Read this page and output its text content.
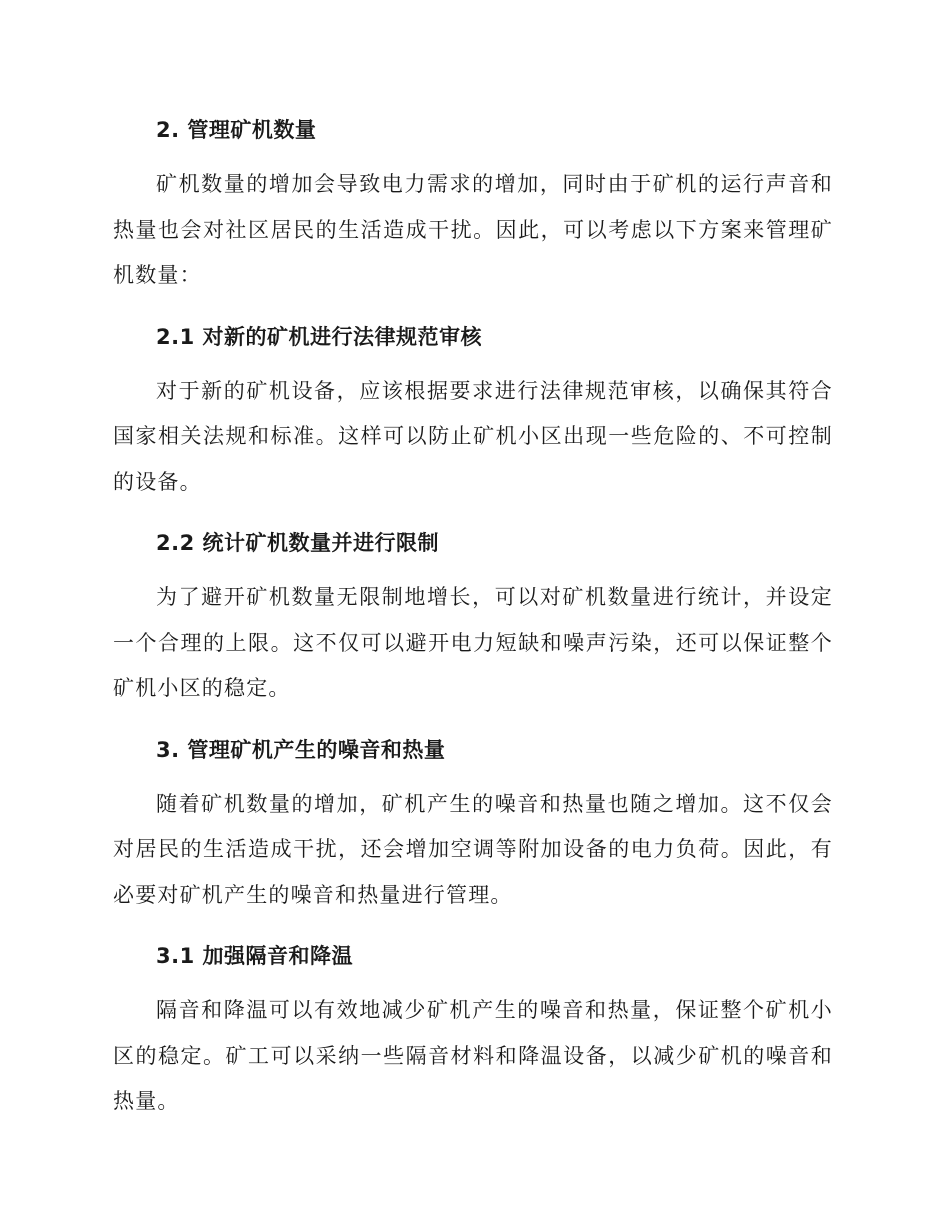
2. 管理矿机数量

矿机数量的增加会导致电力需求的增加，同时由于矿机的运行声音和热量也会对社区居民的生活造成干扰。因此，可以考虑以下方案来管理矿机数量：

2.1 对新的矿机进行法律规范审核

对于新的矿机设备，应该根据要求进行法律规范审核，以确保其符合国家相关法规和标准。这样可以防止矿机小区出现一些危险的、不可控制的设备。

2.2 统计矿机数量并进行限制

为了避开矿机数量无限制地增长，可以对矿机数量进行统计，并设定一个合理的上限。这不仅可以避开电力短缺和噪声污染，还可以保证整个矿机小区的稳定。

3. 管理矿机产生的噪音和热量

随着矿机数量的增加，矿机产生的噪音和热量也随之增加。这不仅会对居民的生活造成干扰，还会增加空调等附加设备的电力负荷。因此，有必要对矿机产生的噪音和热量进行管理。

3.1 加强隔音和降温

隔音和降温可以有效地减少矿机产生的噪音和热量，保证整个矿机小区的稳定。矿工可以采纳一些隔音材料和降温设备，以减少矿机的噪音和热量。
